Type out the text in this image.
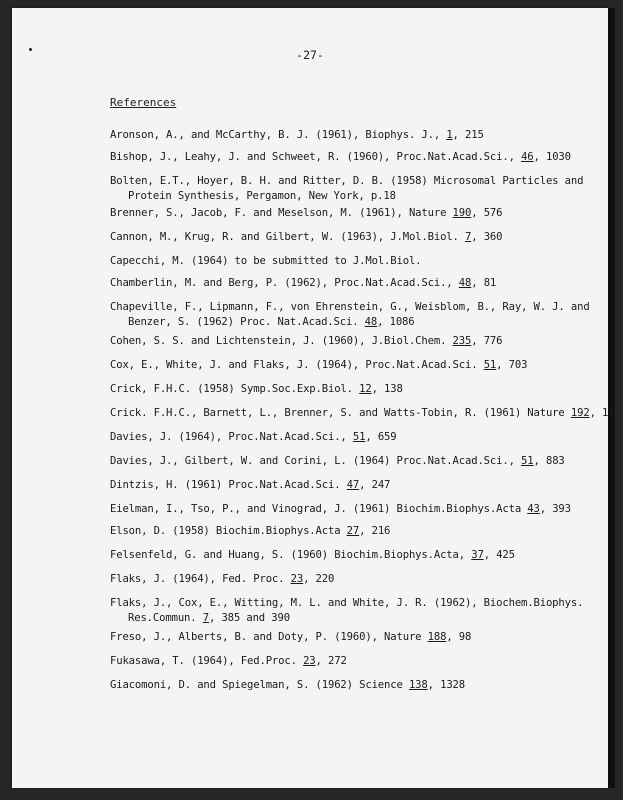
-27-
References
Aronson, A., and McCarthy, B. J. (1961), Biophys. J., 1, 215
Bishop, J., Leahy, J. and Schweet, R. (1960), Proc.Nat.Acad.Sci., 46, 1030
Bolten, E.T., Hoyer, B. H. and Ritter, D. B. (1958) Microsomal Particles and
Protein Synthesis, Pergamon, New York, p.18
Brenner, S., Jacob, F. and Meselson, M. (1961), Nature 190, 576
Cannon, M., Krug, R. and Gilbert, W. (1963), J.Mol.Biol. 7, 360
Capecchi, M. (1964) to be submitted to J.Mol.Biol.
Chamberlin, M. and Berg, P. (1962), Proc.Nat.Acad.Sci., 48, 81
Chapeville, F., Lipmann, F., von Ehrenstein, G., Weisblom, B., Ray, W. J. and
Benzer, S. (1962) Proc. Nat.Acad.Sci. 48, 1086
Cohen, S. S. and Lichtenstein, J. (1960), J.Biol.Chem. 235, 776
Cox, E., White, J. and Flaks, J. (1964), Proc.Nat.Acad.Sci. 51, 703
Crick, F.H.C. (1958) Symp.Soc.Exp.Biol. 12, 138
Crick. F.H.C., Barnett, L., Brenner, S. and Watts-Tobin, R. (1961) Nature 192, 1:
Davies, J. (1964), Proc.Nat.Acad.Sci., 51, 659
Davies, J., Gilbert, W. and Corini, L. (1964) Proc.Nat.Acad.Sci., 51, 883
Dintzis, H. (1961) Proc.Nat.Acad.Sci. 47, 247
Eielman, I., Tso, P., and Vinograd, J. (1961) Biochim.Biophys.Acta 43, 393
Elson, D. (1958) Biochim.Biophys.Acta 27, 216
Felsenfeld, G. and Huang, S. (1960) Biochim.Biophys.Acta, 37, 425
Flaks, J. (1964), Fed. Proc. 23, 220
Flaks, J., Cox, E., Witting, M. L. and White, J. R. (1962), Biochem.Biophys.
Res.Commun. 7, 385 and 390
Freso, J., Alberts, B. and Doty, P. (1960), Nature 188, 98
Fukasawa, T. (1964), Fed.Proc. 23, 272
Giacomoni, D. and Spiegelman, S. (1962) Science 138, 1328
